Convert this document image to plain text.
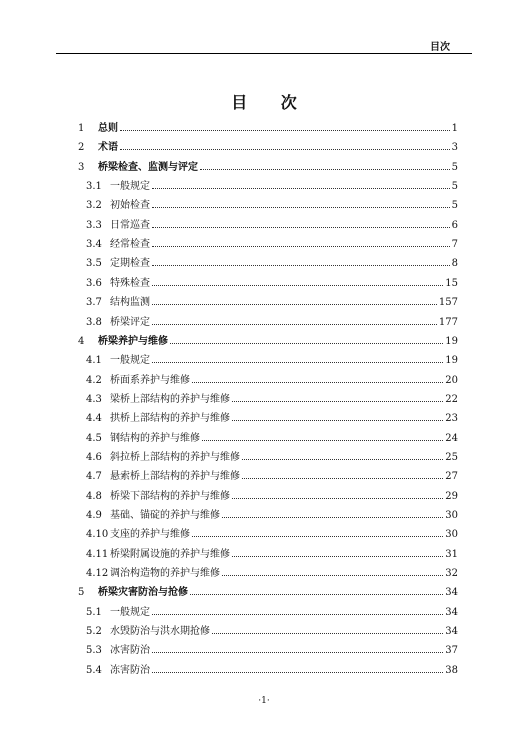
目次
目 次
1	总则	1
2	术语	3
3	桥梁检查、监测与评定	5
3.1 一般规定	5
3.2 初始检查	5
3.3 日常巡查	6
3.4 经常检查	7
3.5 定期检查	8
3.6 特殊检查	15
3.7 结构监测	157
3.8 桥梁评定	177
4	桥梁养护与维修	19
4.1 一般规定	19
4.2 桥面系养护与维修	20
4.3 梁桥上部结构的养护与维修	22
4.4 拱桥上部结构的养护与维修	23
4.5 钢结构的养护与维修	24
4.6 斜拉桥上部结构的养护与维修	25
4.7 悬索桥上部结构的养护与维修	27
4.8 桥梁下部结构的养护与维修	29
4.9 基础、锚碇的养护与维修	30
4.10 支座的养护与维修	30
4.11 桥梁附属设施的养护与维修	31
4.12 调治构造物的养护与维修	32
5	桥梁灾害防治与抢修	34
5.1 一般规定	34
5.2 水毁防治与洪水期抢修	34
5.3 冰害防治	37
5.4 冻害防治	38
·1·
